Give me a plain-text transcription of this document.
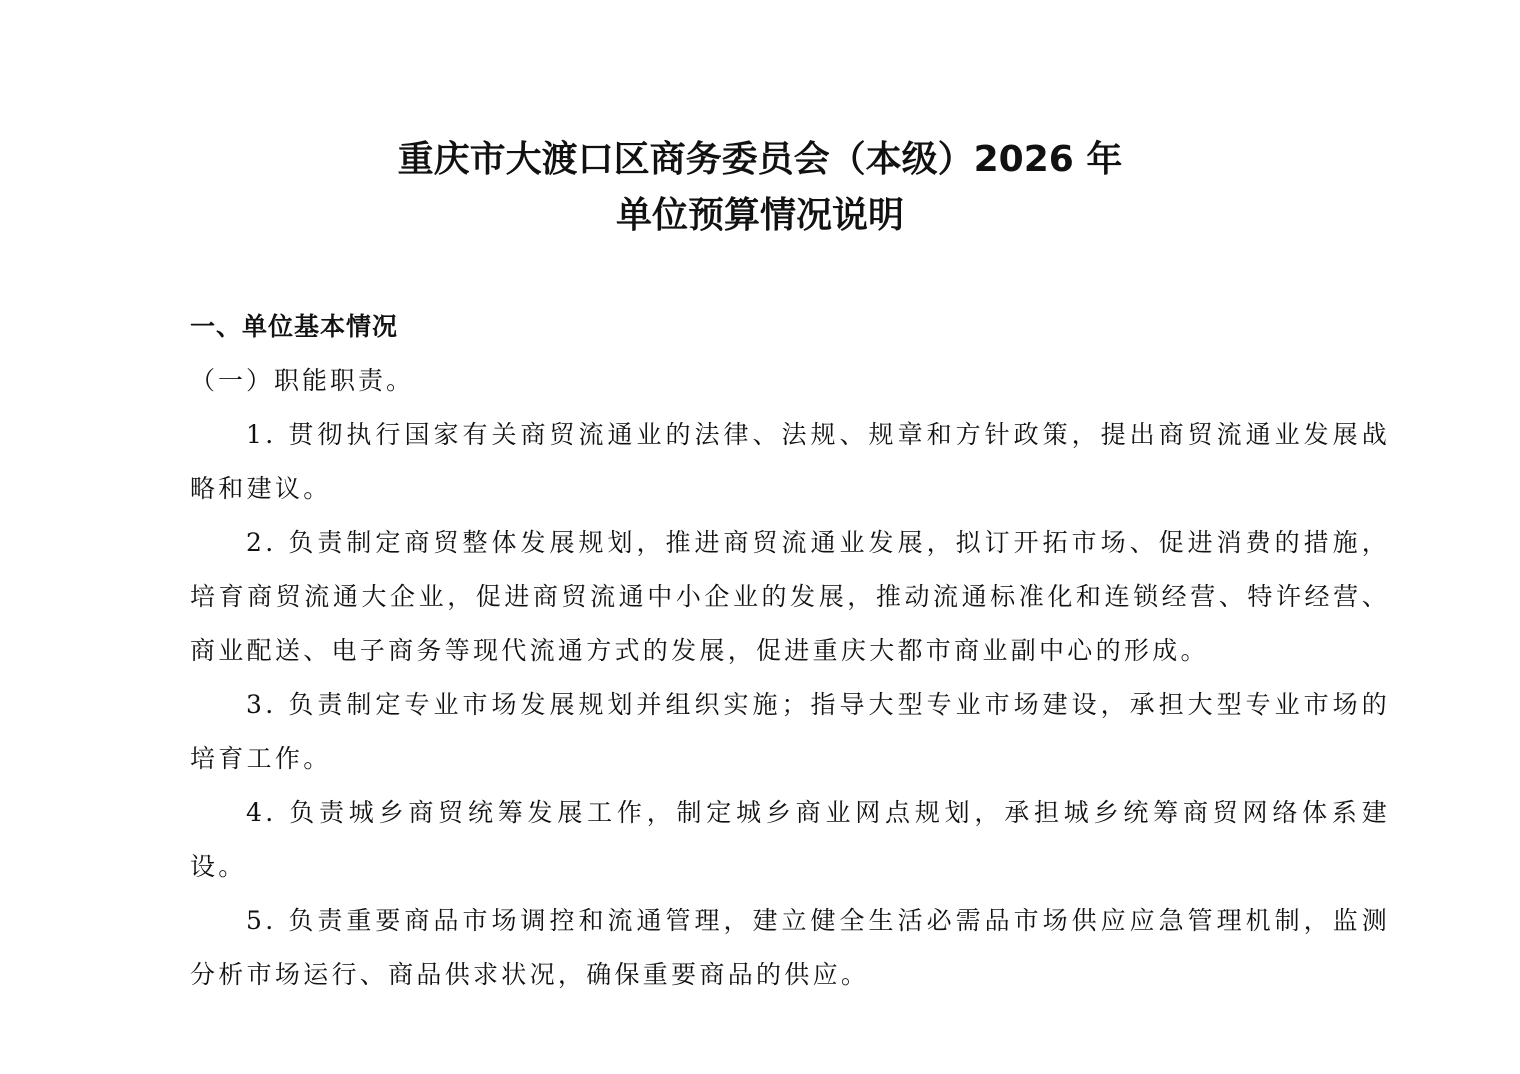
重庆市大渡口区商务委员会（本级）2026 年
单位预算情况说明

一、单位基本情况

（一）职能职责。

1. 贯彻执行国家有关商贸流通业的法律、法规、规章和方针政策，提出商贸流通业发展战略和建议。

2. 负责制定商贸整体发展规划，推进商贸流通业发展，拟订开拓市场、促进消费的措施，培育商贸流通大企业，促进商贸流通中小企业的发展，推动流通标准化和连锁经营、特许经营、商业配送、电子商务等现代流通方式的发展，促进重庆大都市商业副中心的形成。

3. 负责制定专业市场发展规划并组织实施；指导大型专业市场建设，承担大型专业市场的培育工作。

4. 负责城乡商贸统筹发展工作，制定城乡商业网点规划，承担城乡统筹商贸网络体系建设。

5. 负责重要商品市场调控和流通管理，建立健全生活必需品市场供应应急管理机制，监测分析市场运行、商品供求状况，确保重要商品的供应。
